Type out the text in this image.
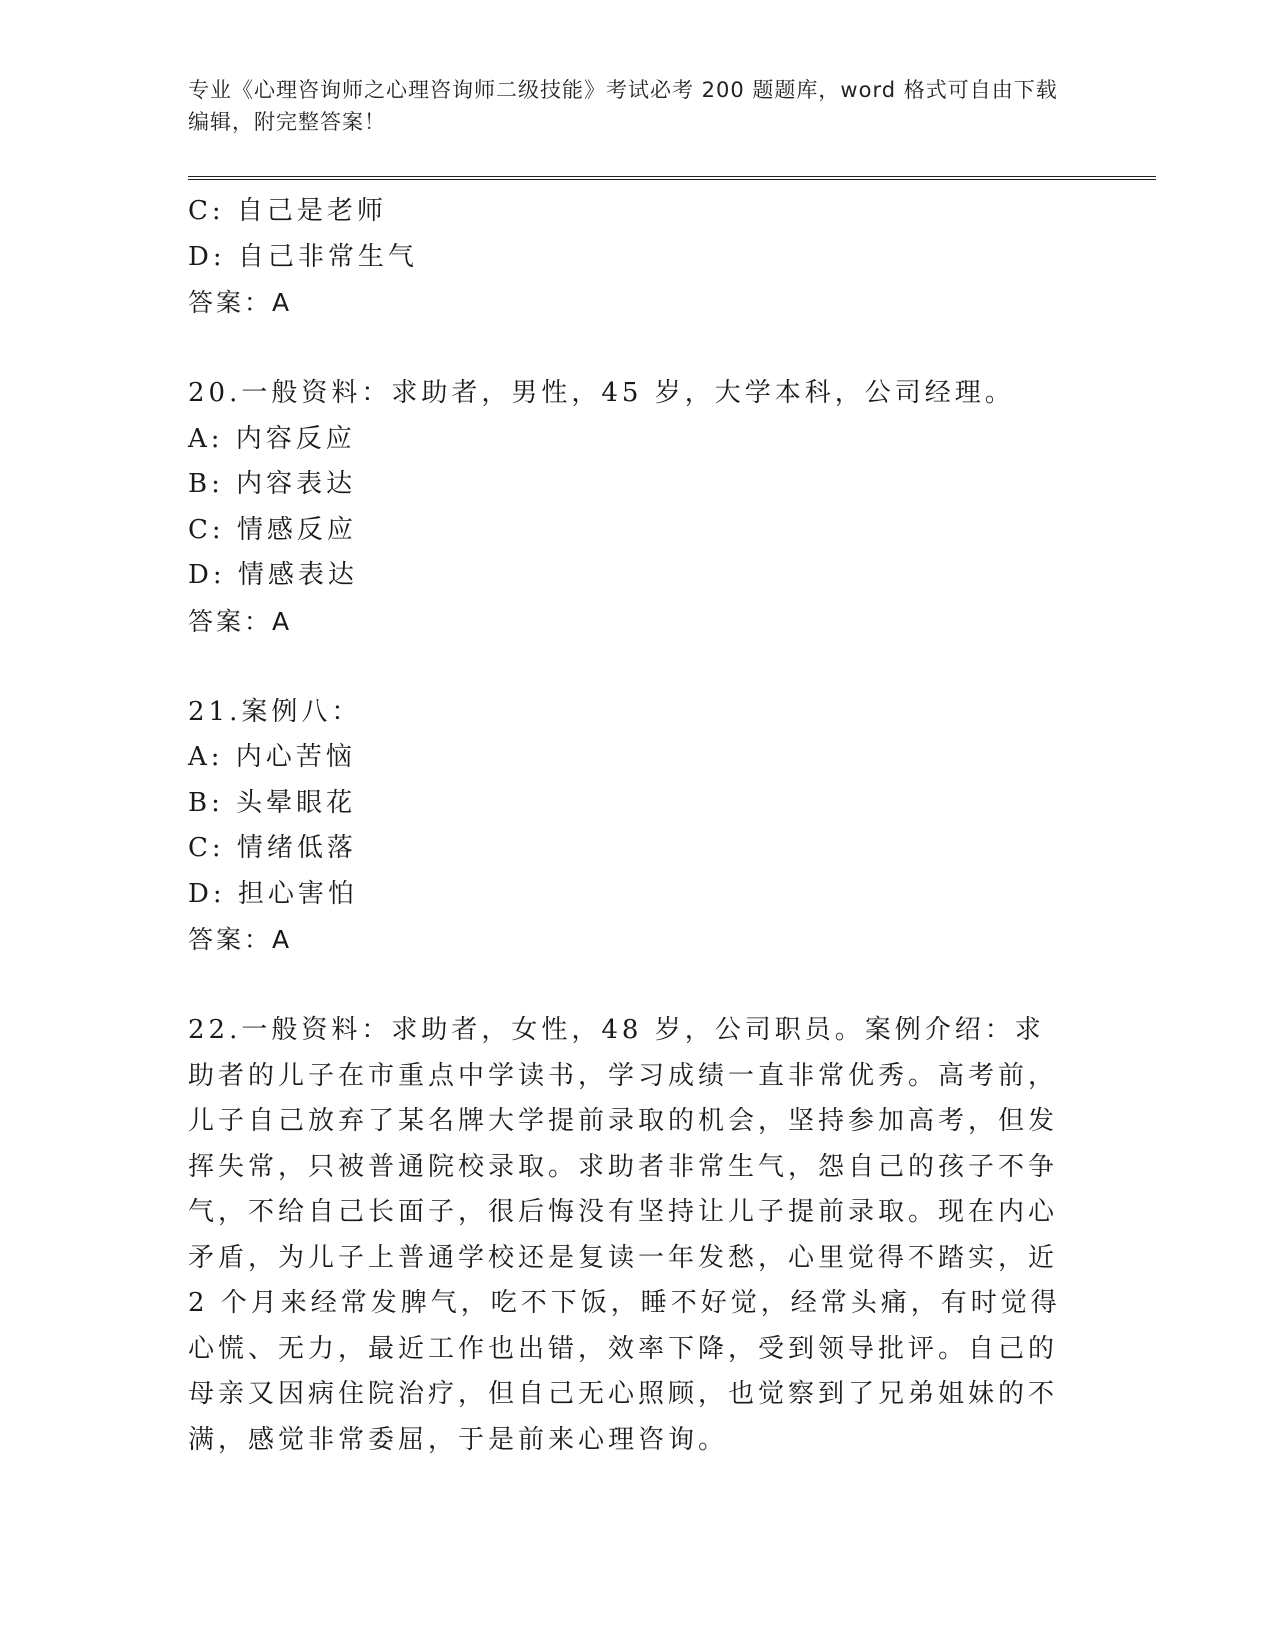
专业《心理咨询师之心理咨询师二级技能》考试必考 200 题题库，word 格式可自由下载编辑，附完整答案！
C: 自己是老师
D: 自己非常生气
答案：A
20.一般资料：求助者，男性，45 岁，大学本科，公司经理。
A: 内容反应
B: 内容表达
C: 情感反应
D: 情感表达
答案：A
21.案例八：
A: 内心苦恼
B: 头晕眼花
C: 情绪低落
D: 担心害怕
答案：A
22.一般资料：求助者，女性，48 岁，公司职员。案例介绍：求助者的儿子在市重点中学读书，学习成绩一直非常优秀。高考前，儿子自己放弃了某名牌大学提前录取的机会，坚持参加高考，但发挥失常，只被普通院校录取。求助者非常生气，怨自己的孩子不争气，不给自己长面子，很后悔没有坚持让儿子提前录取。现在内心矛盾，为儿子上普通学校还是复读一年发愁，心里觉得不踏实，近 2 个月来经常发脾气，吃不下饭，睡不好觉，经常头痛，有时觉得心慌、无力，最近工作也出错，效率下降，受到领导批评。自己的母亲又因病住院治疗，但自己无心照顾，也觉察到了兄弟姐妹的不满，感觉非常委屈，于是前来心理咨询。
